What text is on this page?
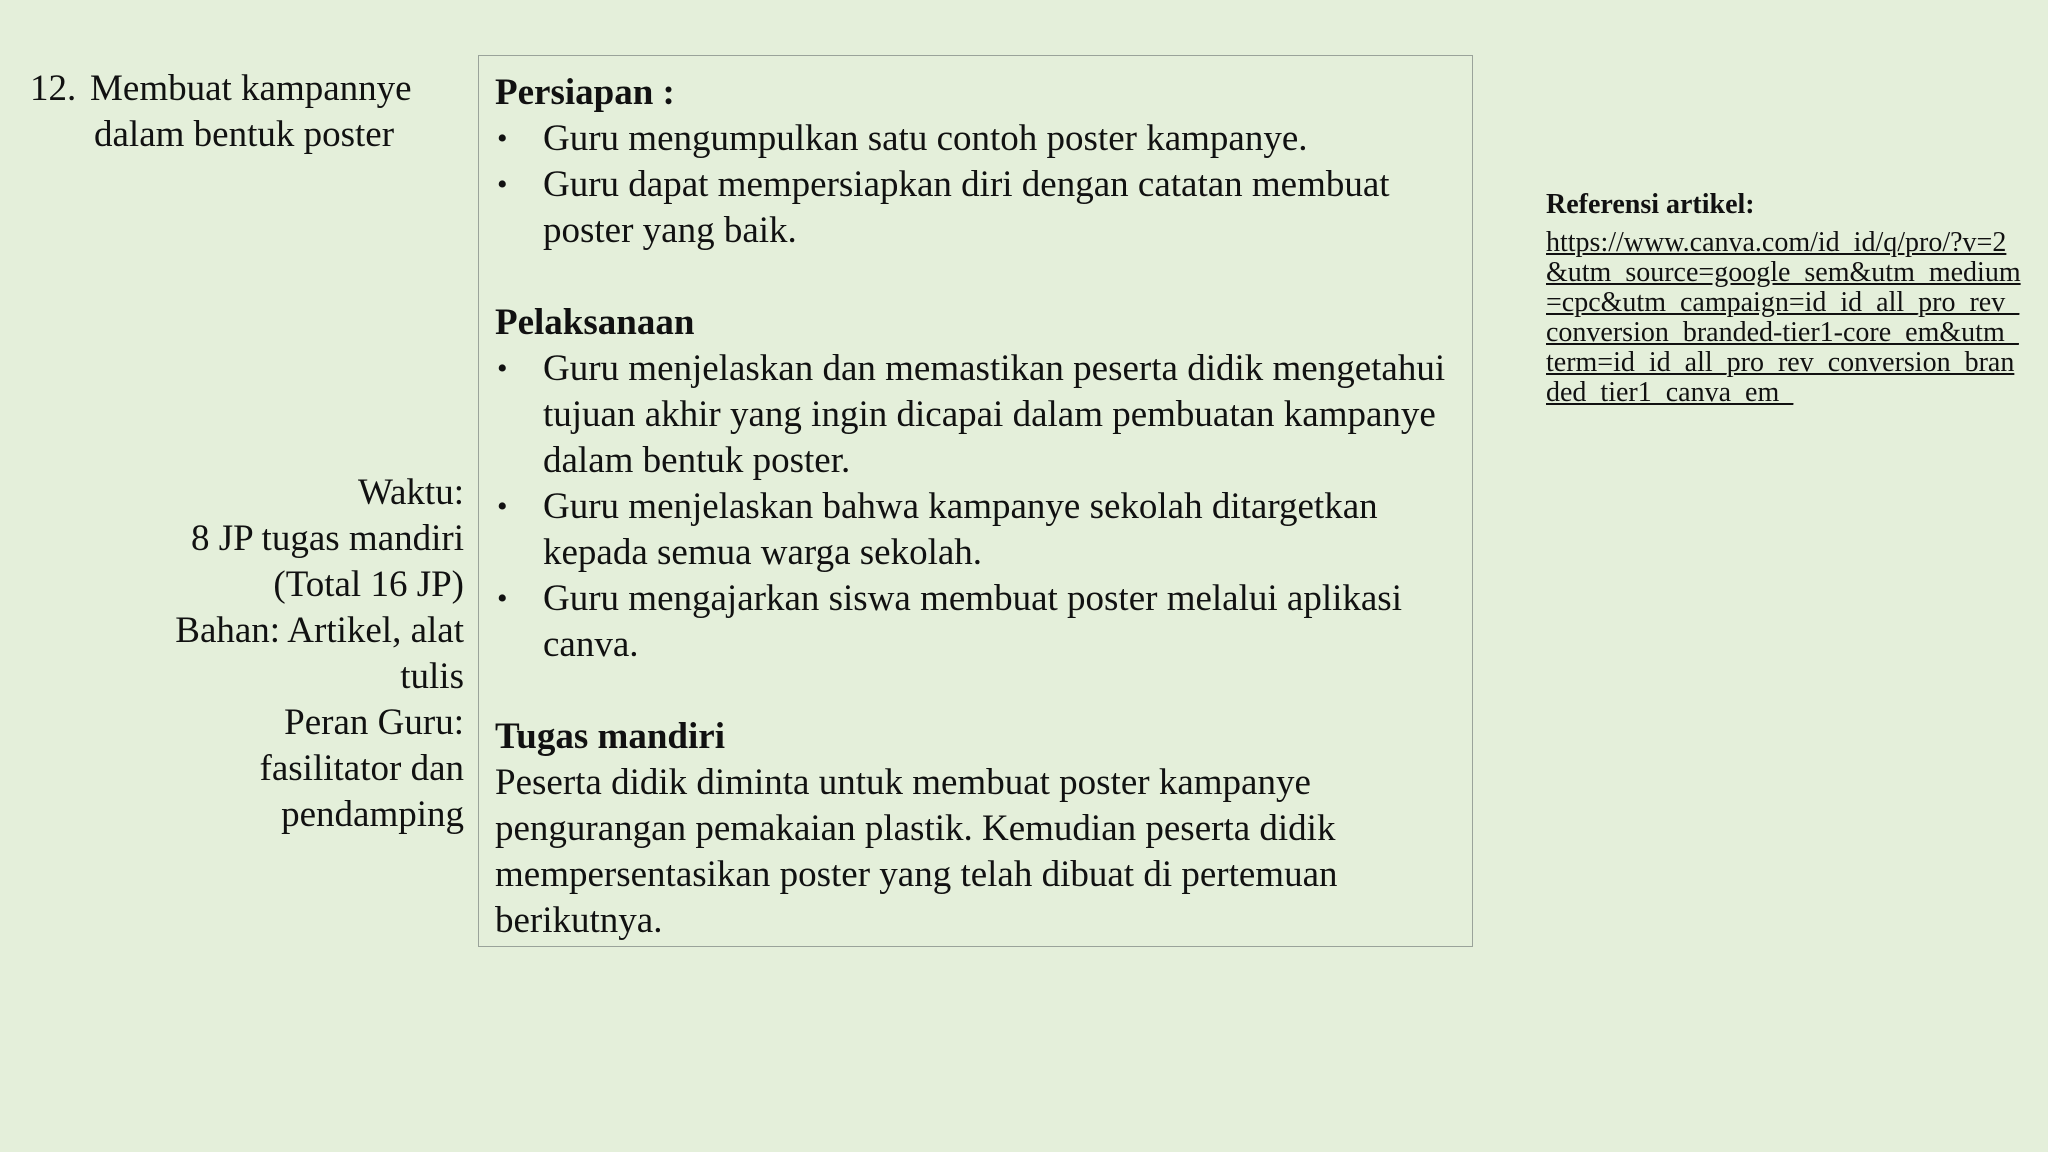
12. Membuat kampannye
dalam bentuk poster
Waktu:
8 JP tugas mandiri
(Total 16 JP)
Bahan: Artikel, alat
tulis
Peran Guru:
fasilitator dan
pendamping

Persiapan :

• Guru mengumpulkan satu contoh poster kampanye.
• Guru dapat mempersiapkan diri dengan catatan membuat poster yang baik.

Pelaksanaan

• Guru menjelaskan dan memastikan peserta didik mengetahui tujuan akhir yang ingin dicapai dalam pembuatan kampanye dalam bentuk poster.
• Guru menjelaskan bahwa kampanye sekolah ditargetkan kepada semua warga sekolah.
• Guru mengajarkan siswa membuat poster melalui aplikasi canva.

Tugas mandiri

Peserta didik diminta untuk membuat poster kampanye pengurangan pemakaian plastik. Kemudian peserta didik mempersentasikan poster yang telah dibuat di pertemuan berikutnya.
Referensi artikel:
https://www.canva.com/id_id/q/pro/?v=2&utm_source=google_sem&utm_medium=cpc&utm_campaign=id_id_all_pro_rev_conversion_branded-tier1-core_em&utm_term=id_id_all_pro_rev_conversion_branded_tier1_canva_em_
